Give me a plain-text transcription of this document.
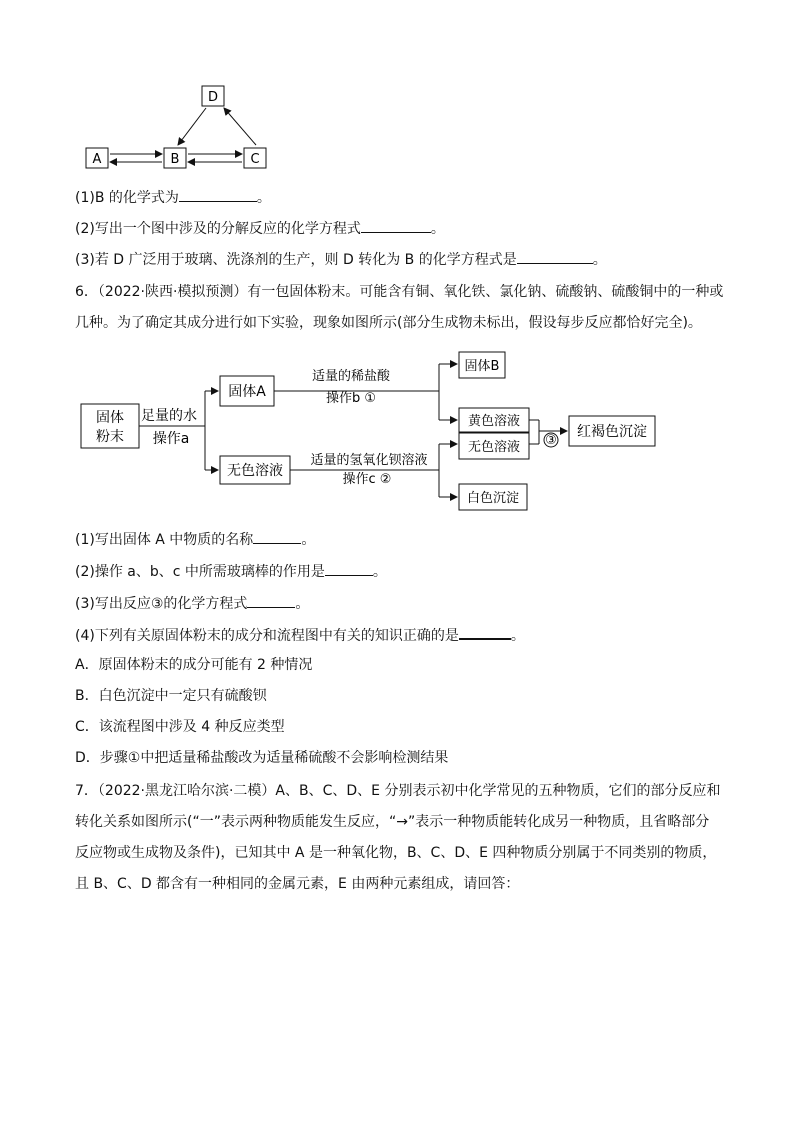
D
A	B	C
(1)B 的化学式为	。
(2)写出一个图中涉及的分解反应的化学方程式	。
(3)若 D 广泛用于玻璃、洗涤剂的生产，则 D 转化为 B 的化学方程式是	。
6．（2022·陕西·模拟预测）有一包固体粉末。可能含有铜、氧化铁、氯化钠、硫酸钠、硫酸铜中的一种或
几种。为了确定其成分进行如下实验，现象如图所示(部分生成物未标出，假设每步反应都恰好完全)。
固体
粉末
固体A
无色溶液
固体B
黄色溶液
无色溶液
红褐色沉淀
白色沉淀
足量的水
操作a
适量的稀盐酸
操作b ①
适量的氢氧化钡溶液
操作c ②
③
(1)写出固体 A 中物质的名称	。
(2)操作 a、b、c 中所需玻璃棒的作用是	。
(3)写出反应③的化学方程式	。
(4)下列有关原固体粉末的成分和流程图中有关的知识正确的是	。
A．原固体粉末的成分可能有 2 种情况
B．白色沉淀中一定只有硫酸钡
C．该流程图中涉及 4 种反应类型
D．步骤①中把适量稀盐酸改为适量稀硫酸不会影响检测结果
7．（2022·黑龙江哈尔滨·二模）A、B、C、D、E 分别表示初中化学常见的五种物质，它们的部分反应和
转化关系如图所示(“一”表示两种物质能发生反应，“→”表示一种物质能转化成另一种物质，且省略部分
反应物或生成物及条件)，已知其中 A 是一种氧化物，B、C、D、E 四种物质分别属于不同类别的物质，
且 B、C、D 都含有一种相同的金属元素，E 由两种元素组成，请回答：
